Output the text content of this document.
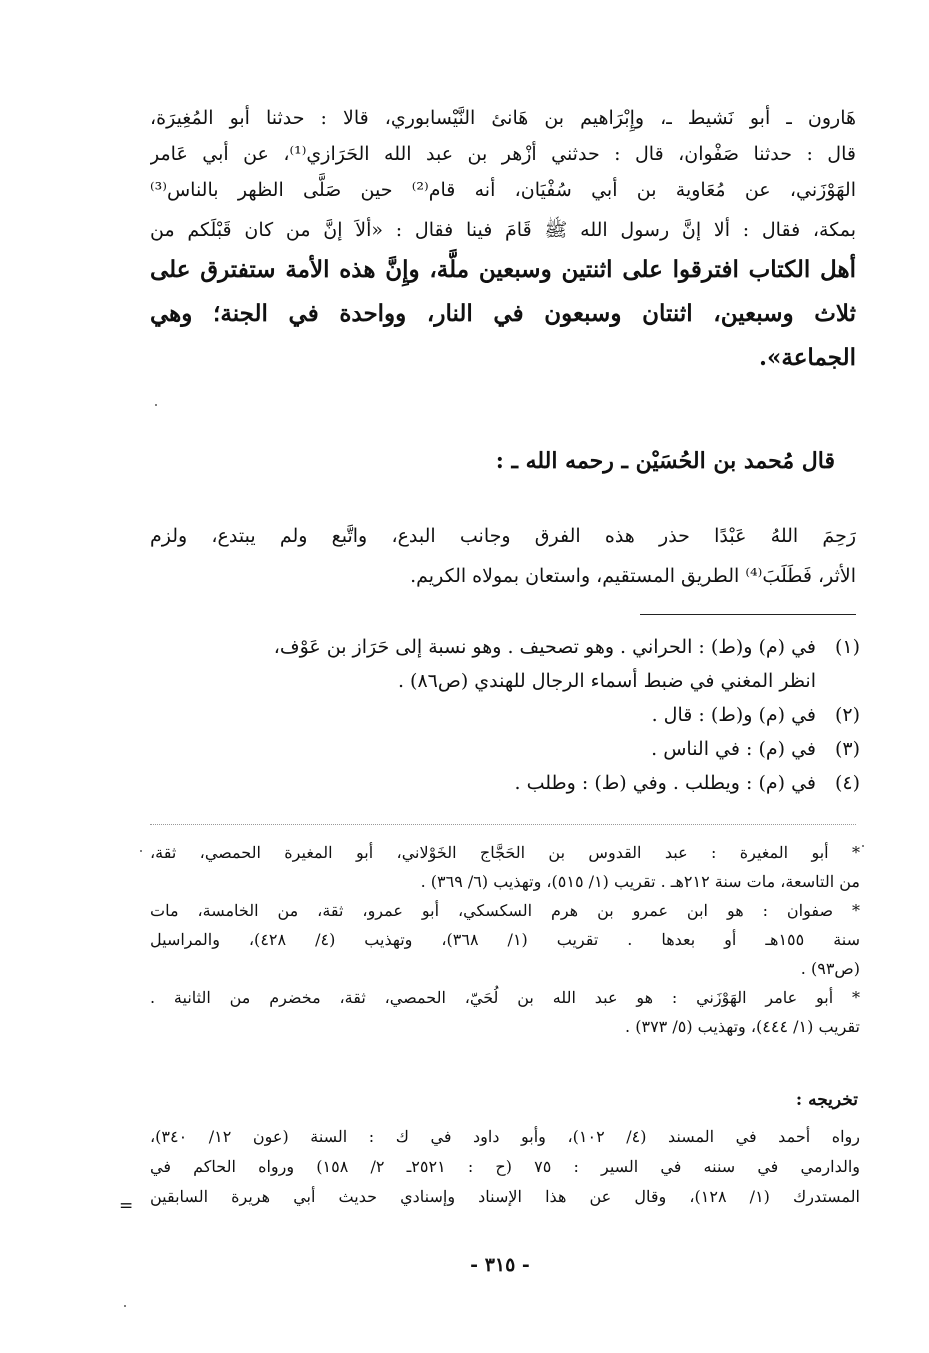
هَارون ـ أبو نَشيط ـ، وإِبْرَاهيم بن هَانئ النَّيْسابوري، قالا : حدثنا أبو المُغِيرَة،
قال : حدثنا صَفْوان، قال : حدثني أزْهر بن عبد الله الحَرَازي⁽¹⁾، عن أبي عَامر
الهَوْزَني، عن مُعَاوية بن أبي سُفْيَان، أنه قام⁽²⁾ حين صَلَّى الظهر بالناس⁽³⁾
بمكة، فقال : ألا إنَّ رسول الله ﷺ قَامَ فينا فقال : «ألاَ إنَّ من كان قَبْلَكم من
أهل الكتاب افترقوا على اثنتين وسبعين ملَّة، وإِنَّ هذه الأمة ستفترق على
ثلاث وسبعين، اثنتان وسبعون في النار، وواحدة في الجنة؛ وهي
الجماعة».
قال مُحمد بن الحُسَيْن ـ رحمه الله ـ :
رَحِمَ اللهُ عَبْدًا حذر هذه الفرق وجانب البدع، واتَّبع ولم يبتدع، ولزم
الأثر، فَطَلَبَ⁽⁴⁾ الطريق المستقيم، واستعان بمولاه الكريم.
(١)
في (م) و(ط) : الحراني . وهو تصحيف . وهو نسبة إلى حَرَاز بن عَوْف،
انظر المغني في ضبط أسماء الرجال للهندي (ص٨٦) .
(٢)
في (م) و(ط) : قال .
(٣)
في (م) : في الناس .
(٤)
في (م) : ويطلب . وفي (ط) : وطلب .
* أبو المغيرة : عبد القدوس بن الحَجَّاج الخَوْلاني، أبو المغيرة الحمصي، ثقة،
من التاسعة، مات سنة ٢١٢هـ . تقريب (١/ ٥١٥)، وتهذيب (٦/ ٣٦٩) .
* صفوان : هو ابن عمرو بن هرم السكسكي، أبو عمرو، ثقة، من الخامسة، مات
سنة ١٥٥هـ أو بعدها . تقريب (١/ ٣٦٨)، وتهذيب (٤/ ٤٢٨)، والمراسيل
(ص٩٣) .
* أبو عامر الهَوْزَني : هو عبد الله بن لُحَيّ، الحمصي، ثقة، مخضرم من الثانية .
تقريب (١/ ٤٤٤)، وتهذيب (٥/ ٣٧٣) .
تخريجه :
رواه أحمد في المسند (٤/ ١٠٢)، وأبو داود في ك : السنة (عون ١٢/ ٣٤٠)،
والدارمي في سننه في السير : ٧٥ (ح : ٢٥٢١ـ ٢/ ١٥٨) ورواه الحاكم في
المستدرك (١/ ١٢٨)، وقال عن هذا الإسناد وإسنادي حديث أبي هريرة السابقين
=
- ٣١٥ -
